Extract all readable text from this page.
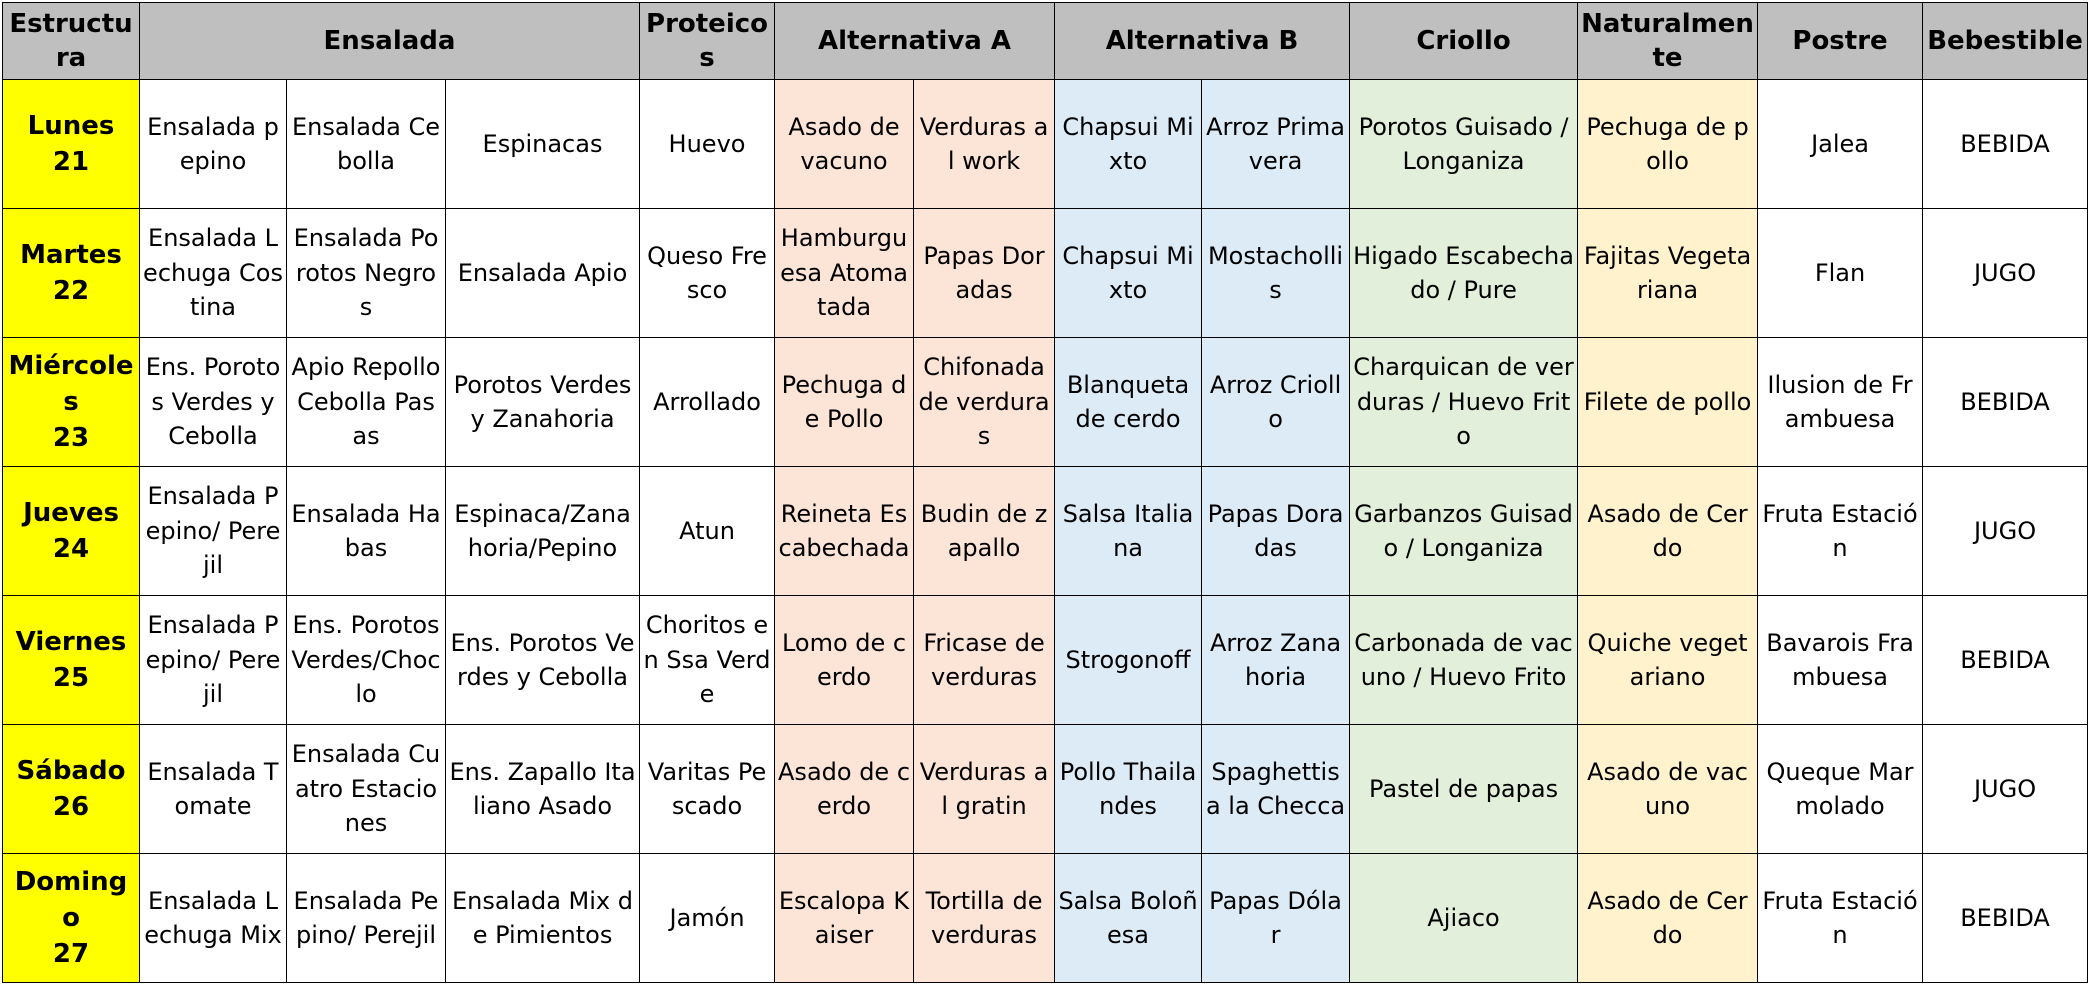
Estructura	Ensalada			Proteicos	Alternativa A		Alternativa B		Criollo	Naturalmente	Postre	Bebestible

Lunes
21	Ensalada pepino	Ensalada Cebolla	Espinacas	Huevo	Asado de vacuno	Verduras al work	Chapsui Mixto	Arroz Primavera	Porotos Guisado / Longaniza	Pechuga de pollo	Jalea	BEBIDA

Martes
22	Ensalada Lechuga Costina	Ensalada Porotos Negros	Ensalada Apio	Queso Fresco	Hamburguesa Atomatada	Papas Doradas	Chapsui Mixto	Mostachollis	Higado Escabechado / Pure	Fajitas Vegetariana	Flan	JUGO

Miércoles
23	Ens. Porotos Verdes y Cebolla	Apio Repollo Cebolla Pasas	Porotos Verdes y Zanahoria	Arrollado	Pechuga de Pollo	Chifonada de verduras	Blanqueta de cerdo	Arroz Criollo	Charquican de verduras / Huevo Frito	Filete de pollo	Ilusion de Frambuesa	BEBIDA

Jueves
24	Ensalada Pepino/ Perejil	Ensalada Habas	Espinaca/Zanahoria/Pepino	Atun	Reineta Escabechada	Budin de zapallo	Salsa Italiana	Papas Doradas	Garbanzos Guisado / Longaniza	Asado de Cerdo	Fruta Estación	JUGO

Viernes
25	Ensalada Pepino/ Perejil	Ens. Porotos Verdes/Choclo	Ens. Porotos Verdes y Cebolla	Choritos en Ssa Verde	Lomo de cerdo	Fricase de verduras	Strogonoff	Arroz Zanahoria	Carbonada de vacuno / Huevo Frito	Quiche vegetariano	Bavarois Frambuesa	BEBIDA

Sábado
26	Ensalada Tomate	Ensalada Cuatro Estaciones	Ens. Zapallo Italiano Asado	Varitas Pescado	Asado de cerdo	Verduras al gratin	Pollo Thailandes	Spaghettis a la Checca	Pastel de papas	Asado de vacuno	Queque Marmolado	JUGO

Domingo
27	Ensalada Lechuga Mix	Ensalada Pepino/ Perejil	Ensalada Mix de Pimientos	Jamón	Escalopa Kaiser	Tortilla de verduras	Salsa Boloñesa	Papas Dólar	Ajiaco	Asado de Cerdo	Fruta Estación	BEBIDA
